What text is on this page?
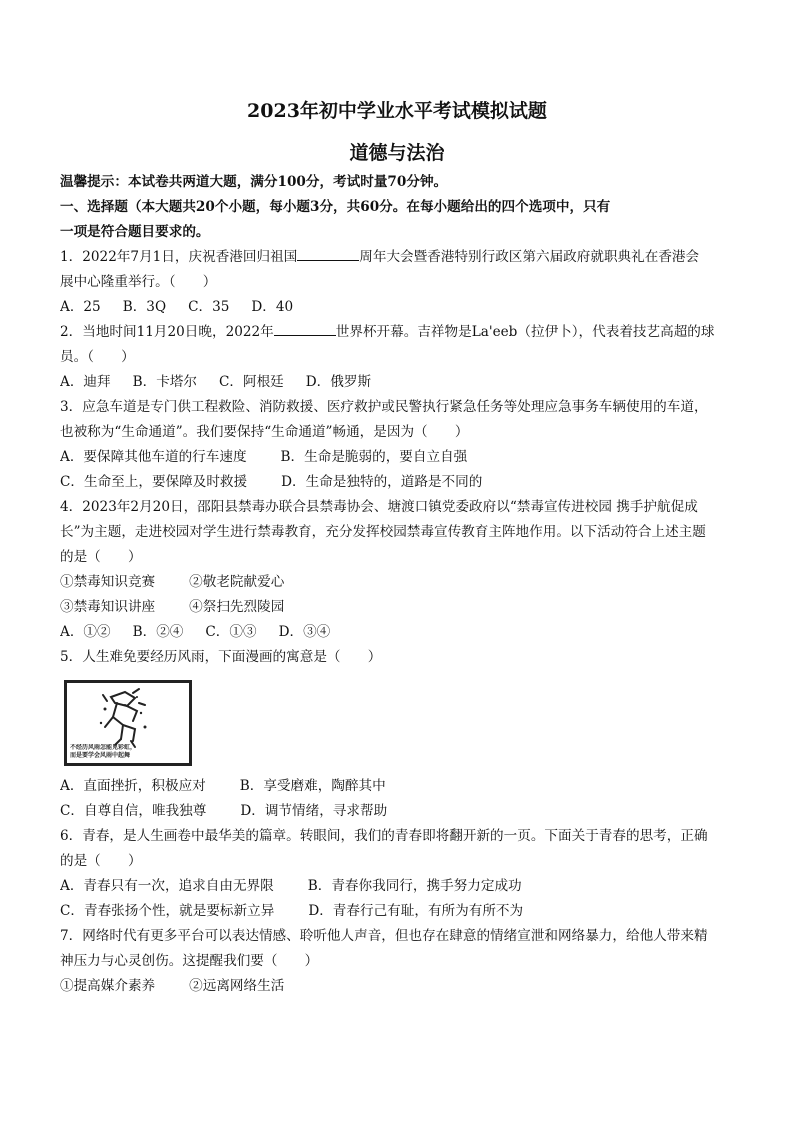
2023年初中学业水平考试模拟试题
道德与法治
温馨提示：本试卷共两道大题，满分100分，考试时量70分钟。
一、选择题（本大题共20个小题，每小题3分，共60分。在每小题给出的四个选项中，只有
一项是符合题目要求的。
1．2022年7月1日，庆祝香港回归祖国	周年大会暨香港特别行政区第六届政府就职典礼在香港会
展中心隆重举行。（　　）
A．25 B．3Q C．35 D．40
2．当地时间11月20日晚，2022年	世界杯开幕。吉祥物是La'eeb（拉伊卜），代表着技艺高超的球
员。（　　）
A．迪拜 B．卡塔尔 C．阿根廷 D．俄罗斯
3．应急车道是专门供工程救险、消防救援、医疗救护或民警执行紧急任务等处理应急事务车辆使用的车道，
也被称为“生命通道”。我们要保持“生命通道”畅通，是因为（　　）
A．要保障其他车道的行车速度	B．生命是脆弱的，要自立自强
C．生命至上，要保障及时救援	D．生命是独特的，道路是不同的
4．2023年2月20日，邵阳县禁毒办联合县禁毒协会、塘渡口镇党委政府以“禁毒宣传进校园 携手护航促成
长”为主题，走进校园对学生进行禁毒教育，充分发挥校园禁毒宣传教育主阵地作用。以下活动符合上述主题
的是（　　）
①禁毒知识竞赛	②敬老院献爱心
③禁毒知识讲座	④祭扫先烈陵园
A．①② B．②④ C．①③ D．③④
5．人生难免要经历风雨，下面漫画的寓意是（　　）
不经历风雨怎能见彩虹，
而是要学会风雨中起舞
A．直面挫折，积极应对	B．享受磨难，陶醉其中
C．自尊自信，唯我独尊	D．调节情绪，寻求帮助
6．青春，是人生画卷中最华美的篇章。转眼间，我们的青春即将翻开新的一页。下面关于青春的思考，正确
的是（　　）
A．青春只有一次，追求自由无界限	B．青春你我同行，携手努力定成功
C．青春张扬个性，就是要标新立异	D．青春行己有耻，有所为有所不为
7．网络时代有更多平台可以表达情感、聆听他人声音，但也存在肆意的情绪宣泄和网络暴力，给他人带来精
神压力与心灵创伤。这提醒我们要（　　）
①提高媒介素养	②远离网络生活
